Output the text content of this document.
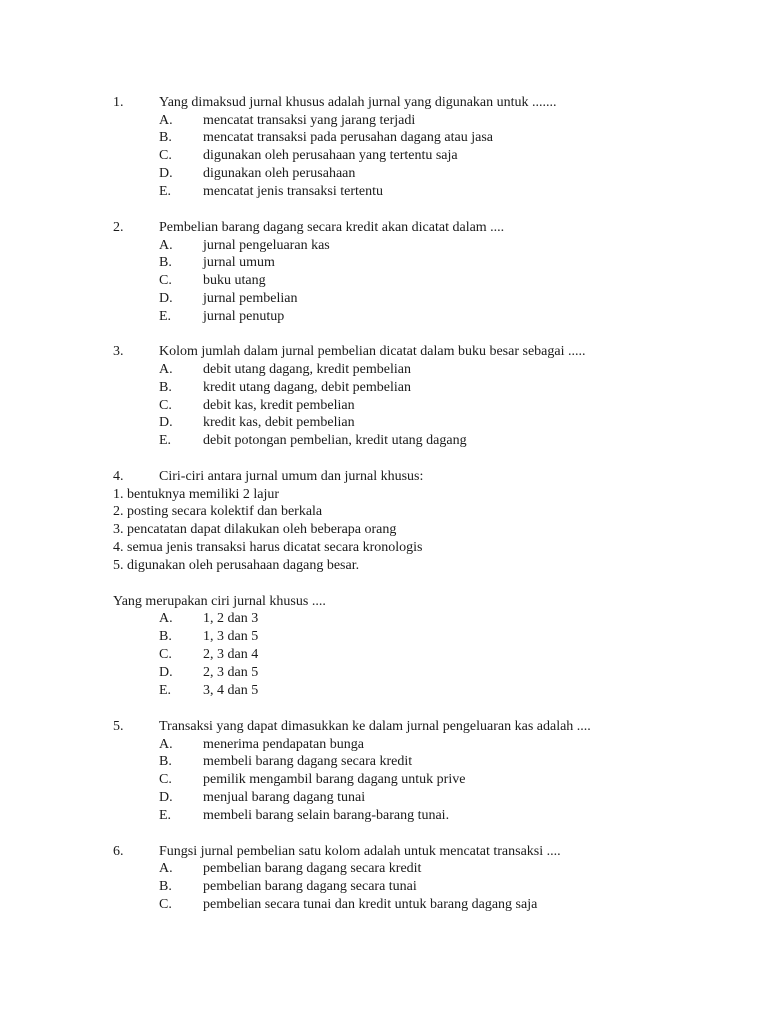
1.	Yang dimaksud jurnal khusus adalah jurnal yang digunakan untuk .......
A. mencatat transaksi yang jarang terjadi
B. mencatat transaksi pada perusahan dagang atau jasa
C. digunakan oleh perusahaan yang tertentu saja
D. digunakan oleh perusahaan
E. mencatat jenis transaksi tertentu
2.	Pembelian barang dagang secara kredit akan dicatat dalam ....
A. jurnal pengeluaran kas
B. jurnal umum
C. buku utang
D. jurnal pembelian
E. jurnal penutup
3.	Kolom jumlah dalam jurnal pembelian dicatat dalam buku besar sebagai .....
A. debit utang dagang, kredit pembelian
B. kredit utang dagang, debit pembelian
C. debit kas, kredit pembelian
D. kredit kas, debit pembelian
E. debit potongan pembelian, kredit utang dagang
4.	Ciri-ciri antara jurnal umum dan jurnal khusus:
1. bentuknya memiliki 2 lajur
2. posting secara kolektif dan berkala
3. pencatatan dapat dilakukan oleh beberapa orang
4. semua jenis transaksi harus dicatat secara kronologis
5. digunakan oleh perusahaan dagang besar.
Yang merupakan ciri jurnal khusus ....
A. 1, 2 dan 3
B. 1, 3 dan 5
C. 2, 3 dan 4
D. 2, 3 dan 5
E. 3, 4 dan 5
5.	Transaksi yang dapat dimasukkan ke dalam jurnal pengeluaran kas adalah ....
A. menerima pendapatan bunga
B. membeli barang dagang secara kredit
C. pemilik mengambil barang dagang untuk prive
D. menjual barang dagang tunai
E. membeli barang selain barang-barang tunai.
6.	Fungsi jurnal pembelian satu kolom adalah untuk mencatat transaksi ....
A. pembelian barang dagang secara kredit
B. pembelian barang dagang secara tunai
C. pembelian secara tunai dan kredit untuk barang dagang saja
